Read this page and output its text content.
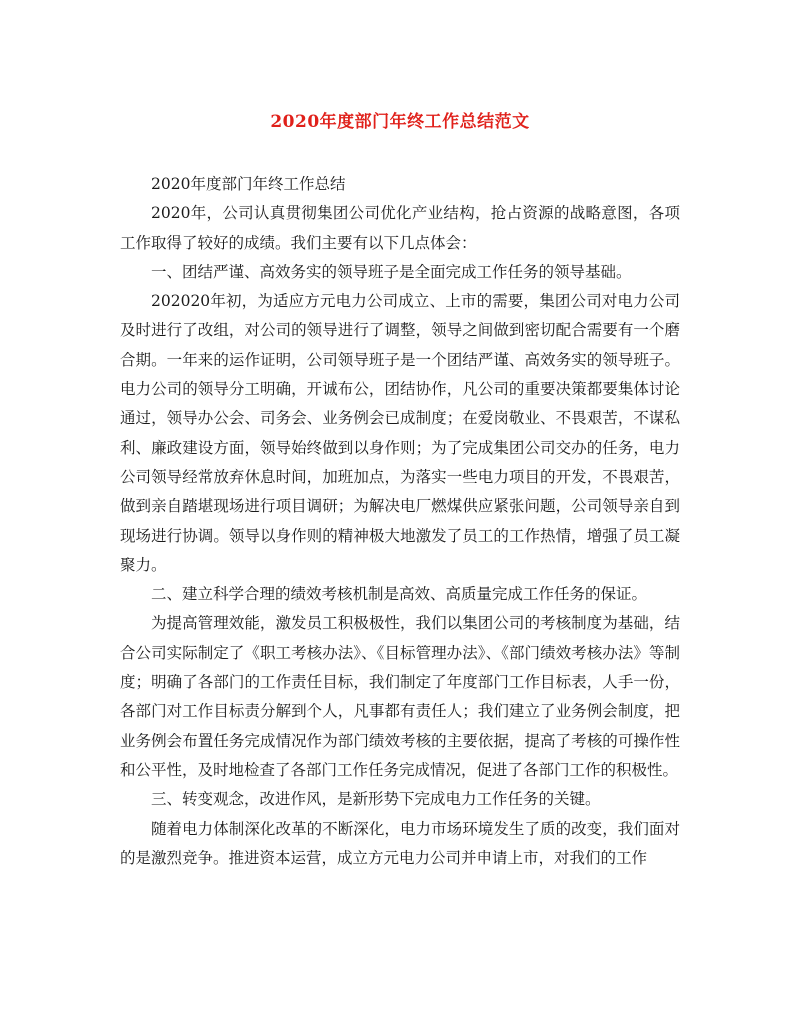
2020年度部门年终工作总结范文

2020年度部门年终工作总结

2020年，公司认真贯彻集团公司优化产业结构，抢占资源的战略意图，各项工作取得了较好的成绩。我们主要有以下几点体会：

一、团结严谨、高效务实的领导班子是全面完成工作任务的领导基础。

202020年初，为适应方元电力公司成立、上市的需要，集团公司对电力公司及时进行了改组，对公司的领导进行了调整，领导之间做到密切配合需要有一个磨合期。一年来的运作证明，公司领导班子是一个团结严谨、高效务实的领导班子。电力公司的领导分工明确，开诚布公，团结协作，凡公司的重要决策都要集体讨论通过，领导办公会、司务会、业务例会已成制度；在爱岗敬业、不畏艰苦，不谋私利、廉政建设方面，领导始终做到以身作则；为了完成集团公司交办的任务，电力公司领导经常放弃休息时间，加班加点，为落实一些电力项目的开发，不畏艰苦，做到亲自踏堪现场进行项目调研；为解决电厂燃煤供应紧张问题，公司领导亲自到现场进行协调。领导以身作则的精神极大地激发了员工的工作热情，增强了员工凝聚力。

二、建立科学合理的绩效考核机制是高效、高质量完成工作任务的保证。

为提高管理效能，激发员工积极极性，我们以集团公司的考核制度为基础，结合公司实际制定了《职工考核办法》、《目标管理办法》、《部门绩效考核办法》等制度；明确了各部门的工作责任目标，我们制定了年度部门工作目标表，人手一份，各部门对工作目标责分解到个人，凡事都有责任人；我们建立了业务例会制度，把业务例会布置任务完成情况作为部门绩效考核的主要依据，提高了考核的可操作性和公平性，及时地检查了各部门工作任务完成情况，促进了各部门工作的积极性。

三、转变观念，改进作风，是新形势下完成电力工作任务的关键。

随着电力体制深化改革的不断深化，电力市场环境发生了质的改变，我们面对的是激烈竞争。推进资本运营，成立方元电力公司并申请上市，对我们的工作
